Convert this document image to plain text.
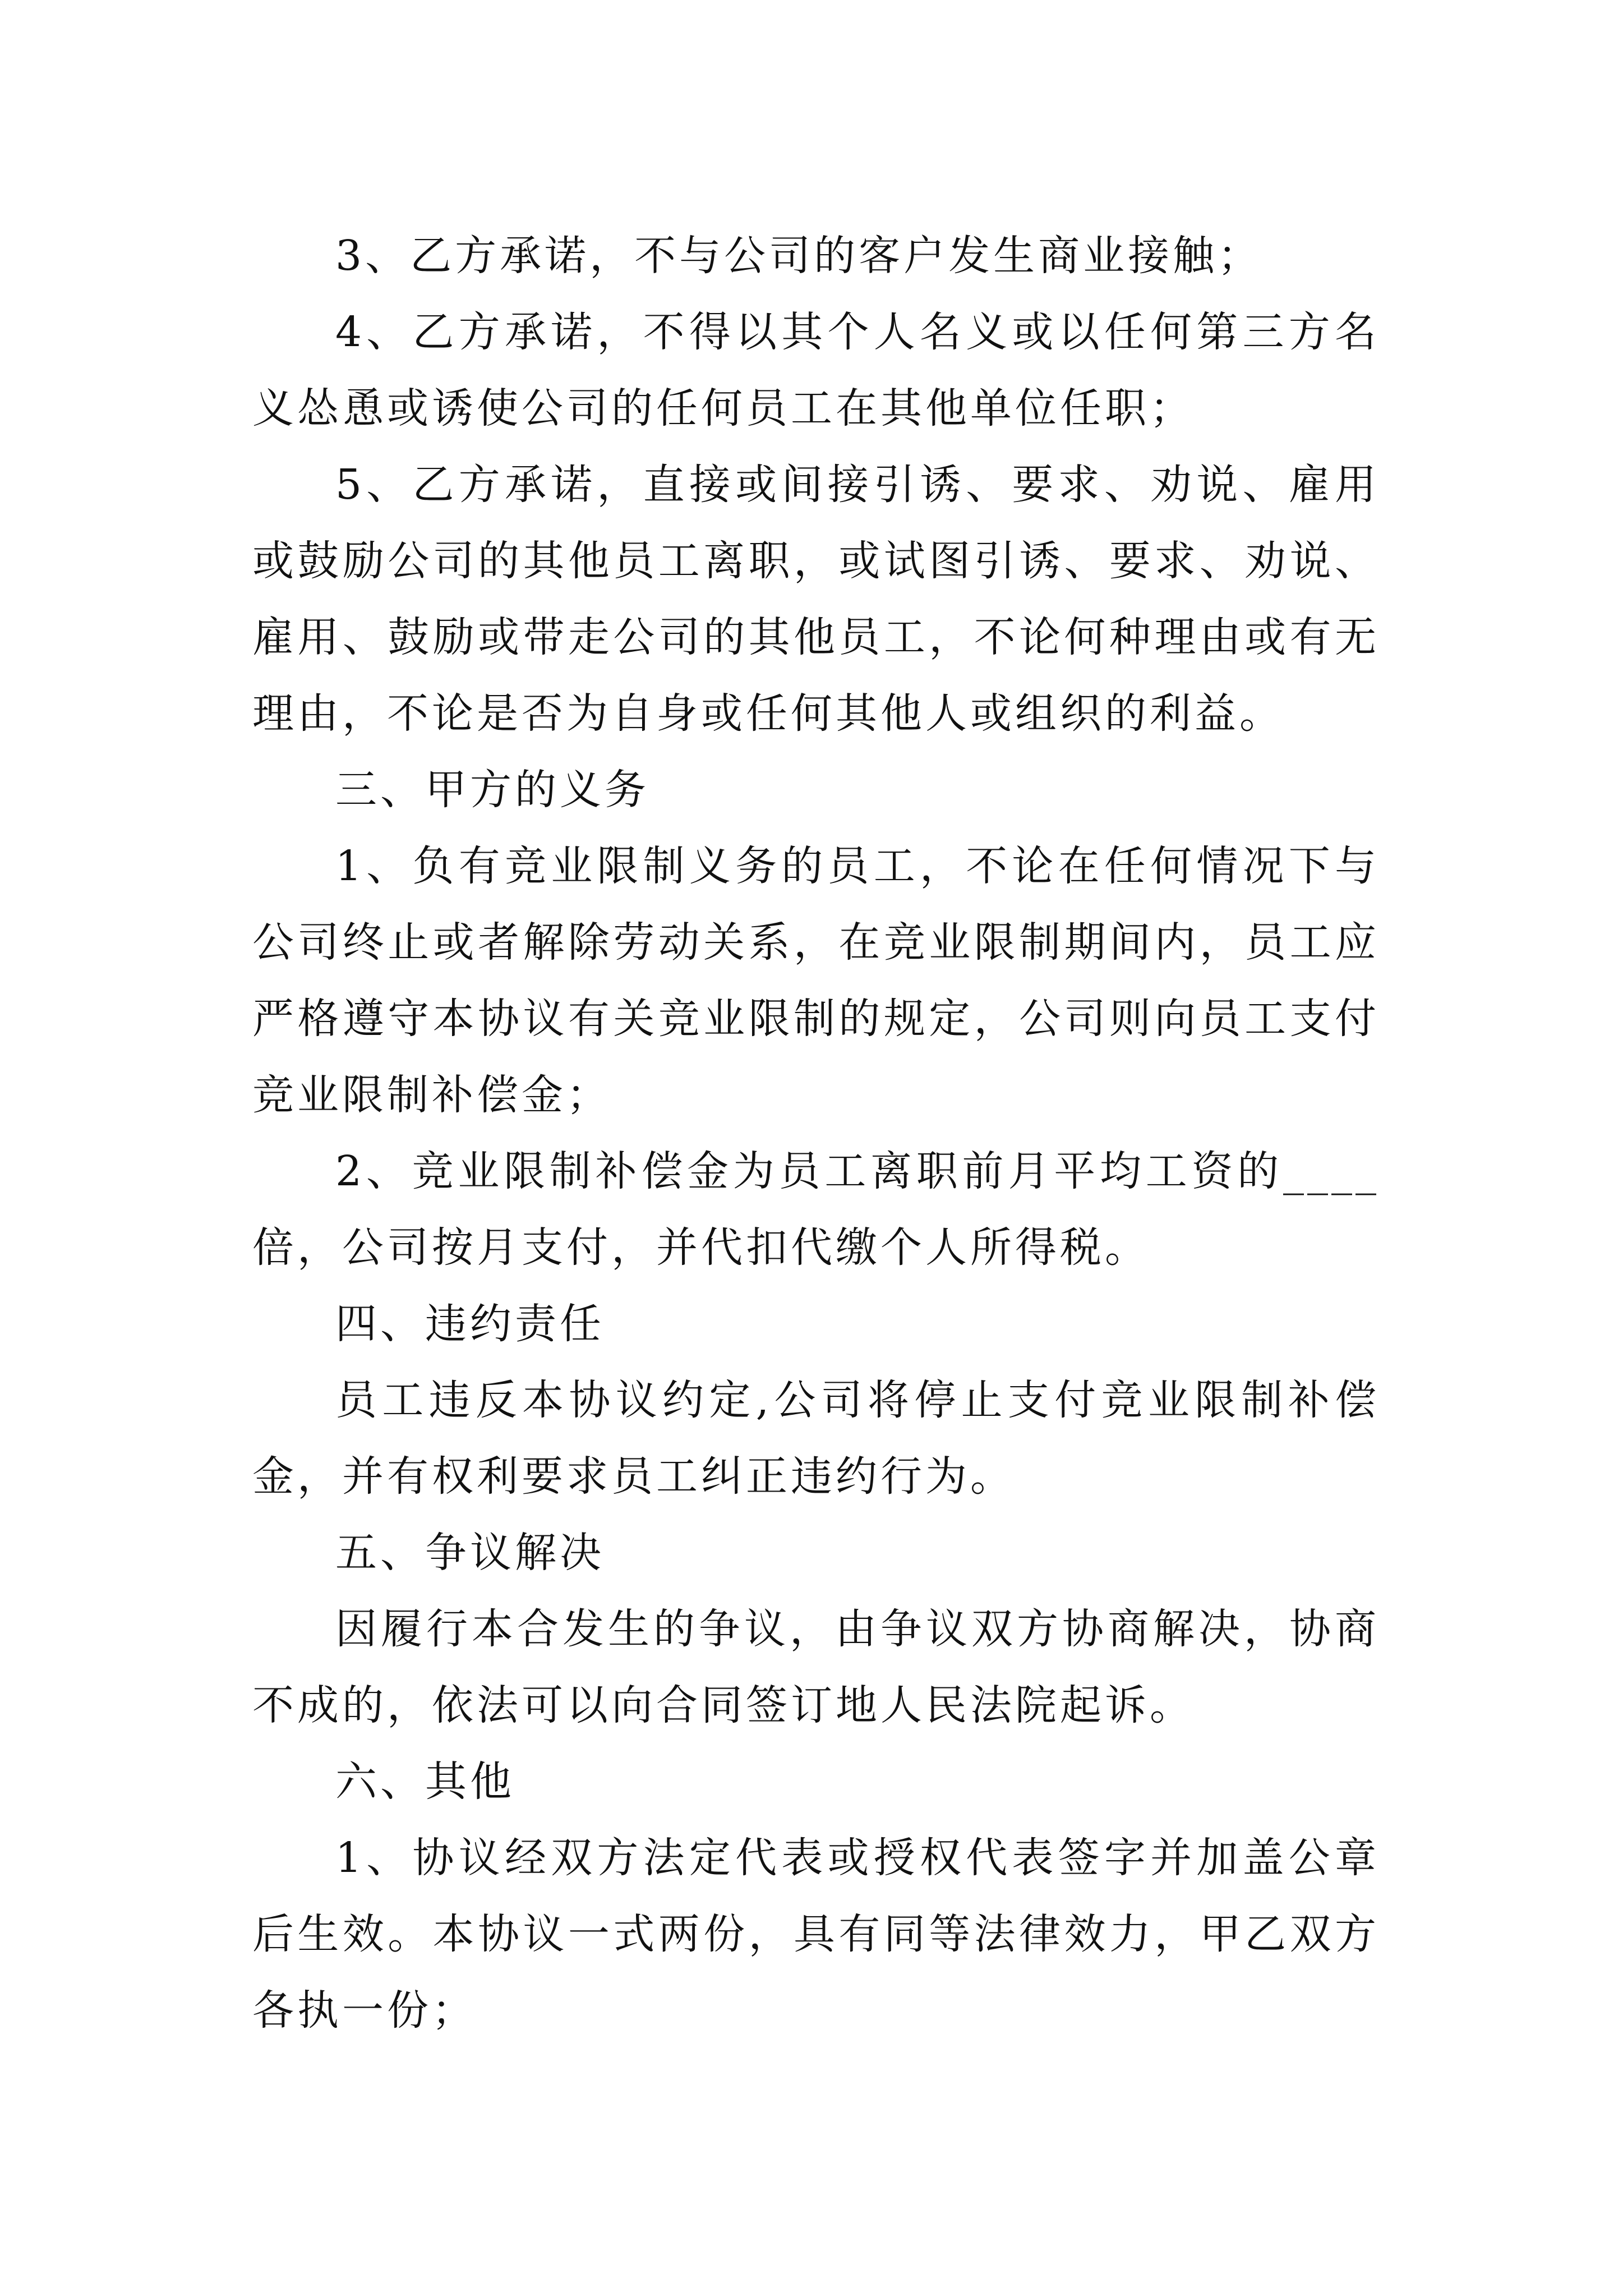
3、乙方承诺，不与公司的客户发生商业接触；

4、乙方承诺，不得以其个人名义或以任何第三方名义怂恿或诱使公司的任何员工在其他单位任职；

5、乙方承诺，直接或间接引诱、要求、劝说、雇用或鼓励公司的其他员工离职，或试图引诱、要求、劝说、雇用、鼓励或带走公司的其他员工，不论何种理由或有无理由，不论是否为自身或任何其他人或组织的利益。

三、甲方的义务

1、负有竞业限制义务的员工，不论在任何情况下与公司终止或者解除劳动关系，在竞业限制期间内，员工应严格遵守本协议有关竞业限制的规定，公司则向员工支付竞业限制补偿金；

2、竞业限制补偿金为员工离职前月平均工资的____倍，公司按月支付，并代扣代缴个人所得税。

四、违约责任

员工违反本协议约定,公司将停止支付竞业限制补偿金，并有权利要求员工纠正违约行为。

五、争议解决

因履行本合发生的争议，由争议双方协商解决，协商不成的，依法可以向合同签订地人民法院起诉。

六、其他

1、协议经双方法定代表或授权代表签字并加盖公章后生效。本协议一式两份，具有同等法律效力，甲乙双方各执一份；
